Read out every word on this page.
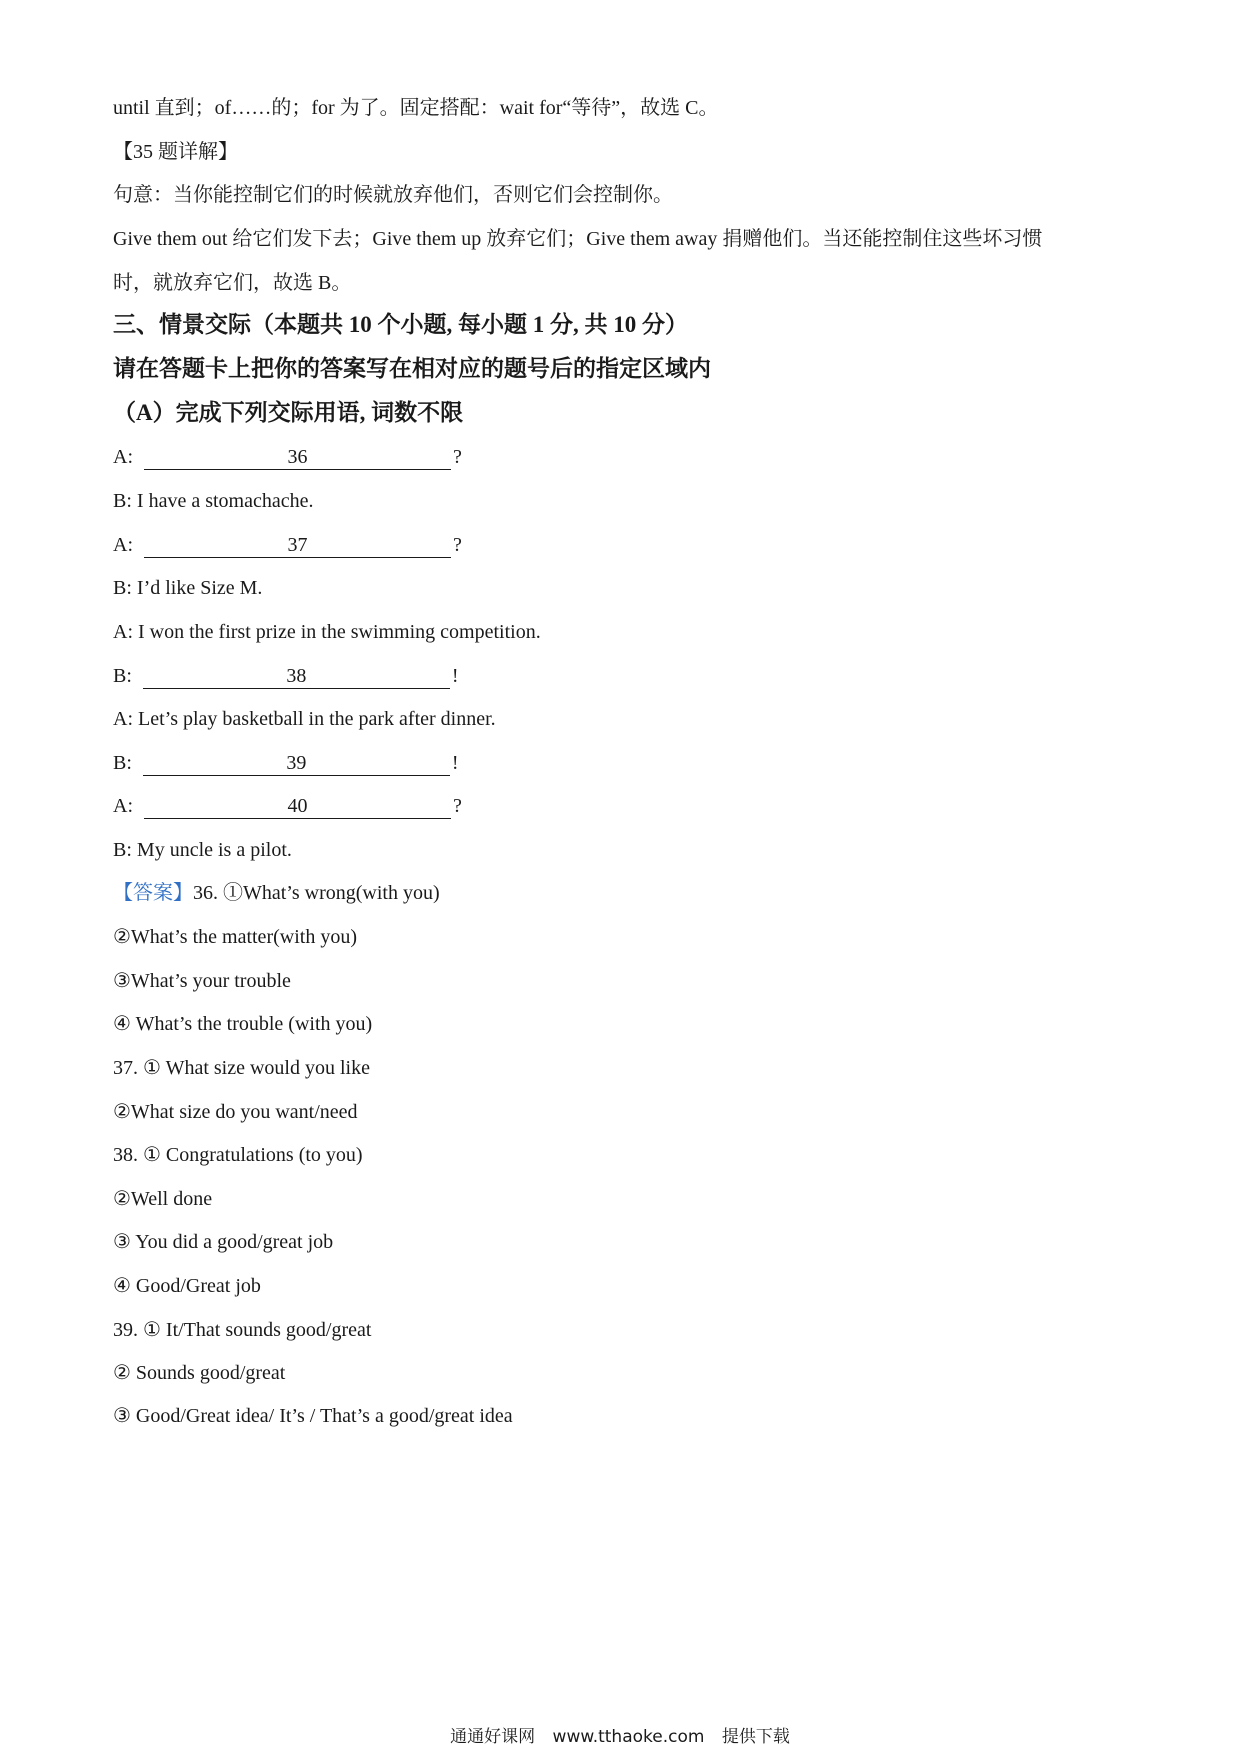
until 直到；of……的；for 为了。固定搭配：wait for“等待”，故选 C。
【35 题详解】
句意：当你能控制它们的时候就放弃他们，否则它们会控制你。
Give them out 给它们发下去；Give them up 放弃它们；Give them away 捐赠他们。当还能控制住这些坏习惯
时，就放弃它们，故选 B。
三、情景交际（本题共 10 个小题, 每小题 1 分, 共 10 分）
请在答题卡上把你的答案写在相对应的题号后的指定区域内
（A）完成下列交际用语, 词数不限
A:	36	?
B: I have a stomachache.
A:	37	?
B: I’d like Size M.
A: I won the first prize in the swimming competition.
B:	38	!
A: Let’s play basketball in the park after dinner.
B:	39	!
A:	40	?
B: My uncle is a pilot.
【答案】36. ①What’s wrong(with you)
②What’s the matter(with you)
③What’s your trouble
④ What’s the trouble (with you)
37. ① What size would you like
②What size do you want/need
38. ① Congratulations (to you)
②Well done
③ You did a good/great job
④ Good/Great job
39. ① It/That sounds good/great
② Sounds good/great
③ Good/Great idea/ It’s / That’s a good/great idea
通通好课网 www.tthaoke.com 提供下载
